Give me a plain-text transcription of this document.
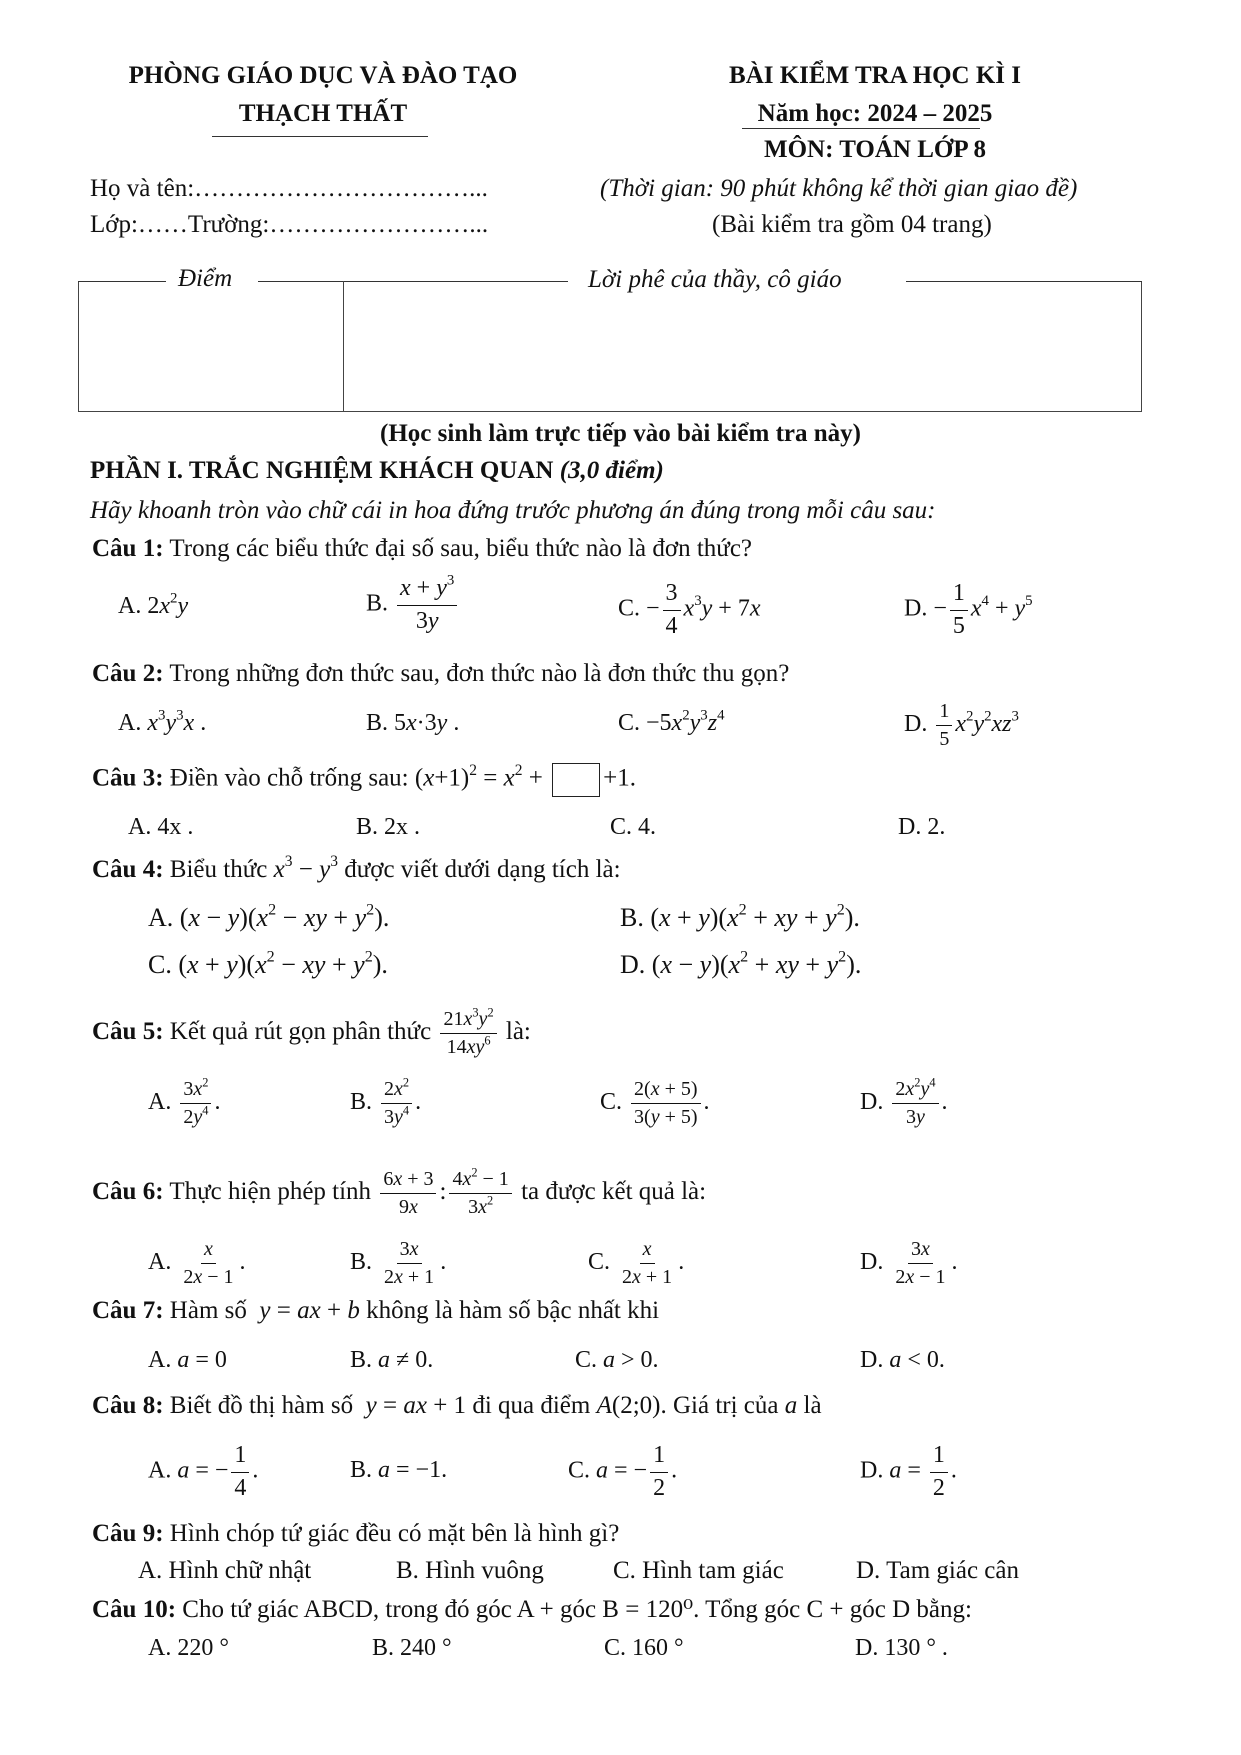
PHÒNG GIÁO DỤC VÀ ĐÀO TẠO
THẠCH THẤT
BÀI KIỂM TRA HỌC KÌ I
Năm học: 2024 – 2025
MÔN: TOÁN LỚP 8
Họ và tên:……………………………...	(Thời gian: 90 phút không kể thời gian giao đề)
Lớp:……Trường:……………………...	(Bài kiểm tra gồm 04 trang)
Điểm	Lời phê của thầy, cô giáo
(Học sinh làm trực tiếp vào bài kiểm tra này)
PHẦN I. TRẮC NGHIỆM KHÁCH QUAN (3,0 điểm)
Hãy khoanh tròn vào chữ cái in hoa đứng trước phương án đúng trong mỗi câu sau:
Câu 1: Trong các biểu thức đại số sau, biểu thức nào là đơn thức?
A. $2x^2y$	B. $\frac{x + y^3}{3y}$	C. − $\frac{3}{4} x^3y + 7x$	D. − $\frac{1}{5} x^4 + y^5$
Câu 2: Trong những đơn thức sau, đơn thức nào là đơn thức thu gọn?
A. $x^3y^3x$ .	B. 5x·3y .	C. $-5x^2y^3z^4$	D. $\frac{1}{5} x^2y^2xz^3$
Câu 3: Điền vào chỗ trống sau: $(x+1)^2 = x^2 + +1$.
A. 4x .	B. 2x .	C. 4.	D. 2.
Câu 4: Biểu thức $x^3 - y^3$ được viết dưới dạng tích là:
A. $(x - y)(x^2$ − xy + $y^2$).	B. $(x + y)(x^2$ + xy + $y^2$).
C. $(x + y)(x^2$ − xy + $y^2$).	D. $(x - y)(x^2$ + xy + $y^2$).
Câu 5: Kết quả rút gọn phân thức $\frac{21x^3y^2}{14xy^6}$ là:
A. $\frac{3x^2}{2y^4}$ .	B. $\frac{2x^2}{3y^4}$ .	C. $\frac{2(x + 5)}{3(y + 5)}$ .	D. $\frac{2x^2y^4}{3y}$ .
Câu 6: Thực hiện phép tính $\frac{6x + 3}{9x}$ : $\frac{4x^2 - 1}{3x^2}$ ta được kết quả là:
A. $\frac{x}{2x - 1}$ .	B. $\frac{3x}{2x + 1}$ .	C. $\frac{x}{2x + 1}$ .	D. $\frac{3x}{2x - 1}$ .
Câu 7: Hàm số y = ax + b không là hàm số bậc nhất khi
A. a = 0	B. a ≠ 0.	C. a > 0.	D. a < 0.
Câu 8: Biết đồ thị hàm số y = ax + 1 đi qua điểm A(2;0). Giá trị của a là
A. a = − $\frac{1}{4}$ .	B. a = −1.	C. a = − $\frac{1}{2}$ .	D. $a = \frac{1}{2}$ .
Câu 9: Hình chóp tứ giác đều có mặt bên là hình gì?
A. Hình chữ nhật	B. Hình vuông	C. Hình tam giác	D. Tam giác cân
Câu 10: Cho tứ giác ABCD, trong đó góc A + góc B = 120⁰. Tổng góc C + góc D bằng:
A. 220 °	B. 240 °	C. 160 °	D. 130 ° .
